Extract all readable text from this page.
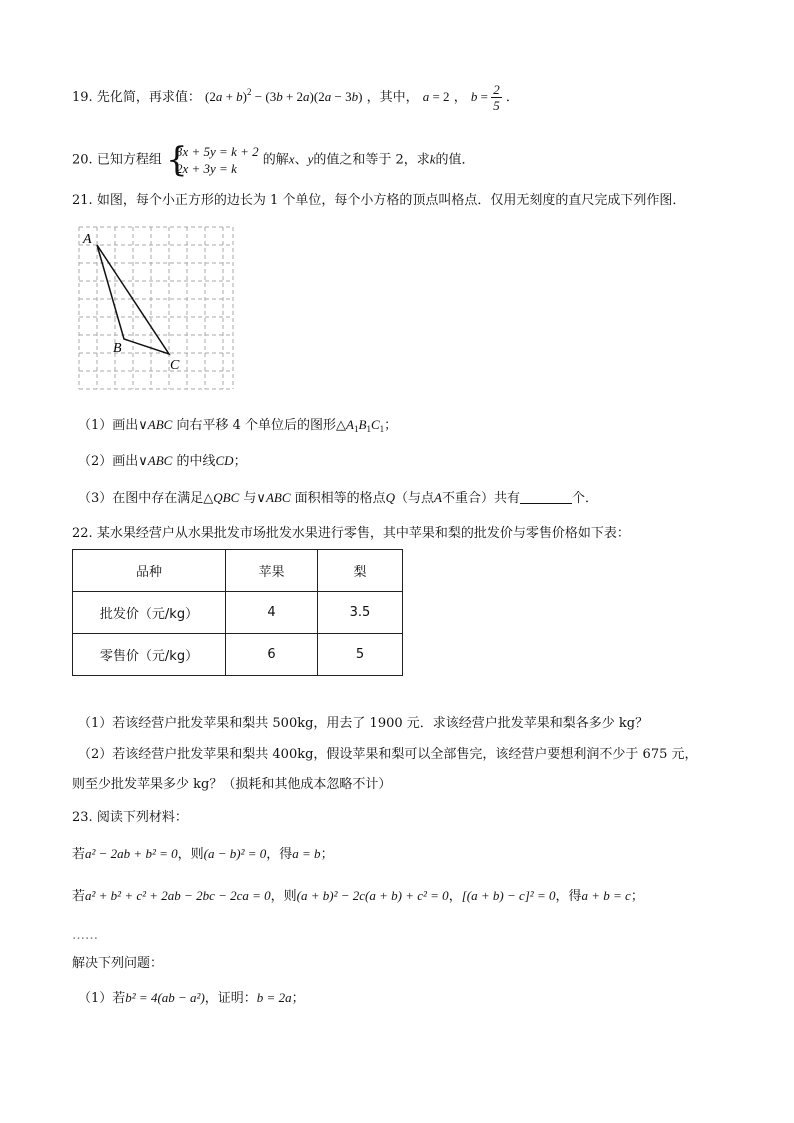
19. 先化简，再求值： $(2a + b)^2 - (3b + 2a)(2a - 3b)$ ，其中， a = 2 ， $b = \frac{2}{5}$ ．
20. 已知方程组 {
3x + 5y = k + 2
2x + 3y = k
的解x、y的值之和等于 2，求k的值．
21. 如图，每个小正方形的边长为 1 个单位，每个小方格的顶点叫格点．仅用无刻度的直尺完成下列作图．
A
B
C
（1）画出∨ABC 向右平移 4 个单位后的图形$\triangle A_1B_1C_1$；
（2）画出∨ABC 的中线CD；
（3）在图中存在满足△QBC 与∨ABC 面积相等的格点Q（与点A不重合）共有	个．
22. 某水果经营户从水果批发市场批发水果进行零售，其中苹果和梨的批发价与零售价格如下表：
品种	苹果	梨
批发价（元/kg）	4	3.5
零售价（元/kg）	6	5
（1）若该经营户批发苹果和梨共 500kg，用去了 1900 元．求该经营户批发苹果和梨各多少 kg？
（2）若该经营户批发苹果和梨共 400kg，假设苹果和梨可以全部售完，该经营户要想利润不少于 675 元，
则至少批发苹果多少 kg？（损耗和其他成本忽略不计）
23. 阅读下列材料：
若a² − 2ab + b² = 0，则(a − b)² = 0，得a = b；
若a² + b² + c² + 2ab − 2bc − 2ca = 0，则(a + b)² − 2c(a + b) + c² = 0，[(a + b) − c]² = 0，得a + b = c；
……
解决下列问题：
（1）若b² = 4(ab − a²)，证明：b = 2a；
